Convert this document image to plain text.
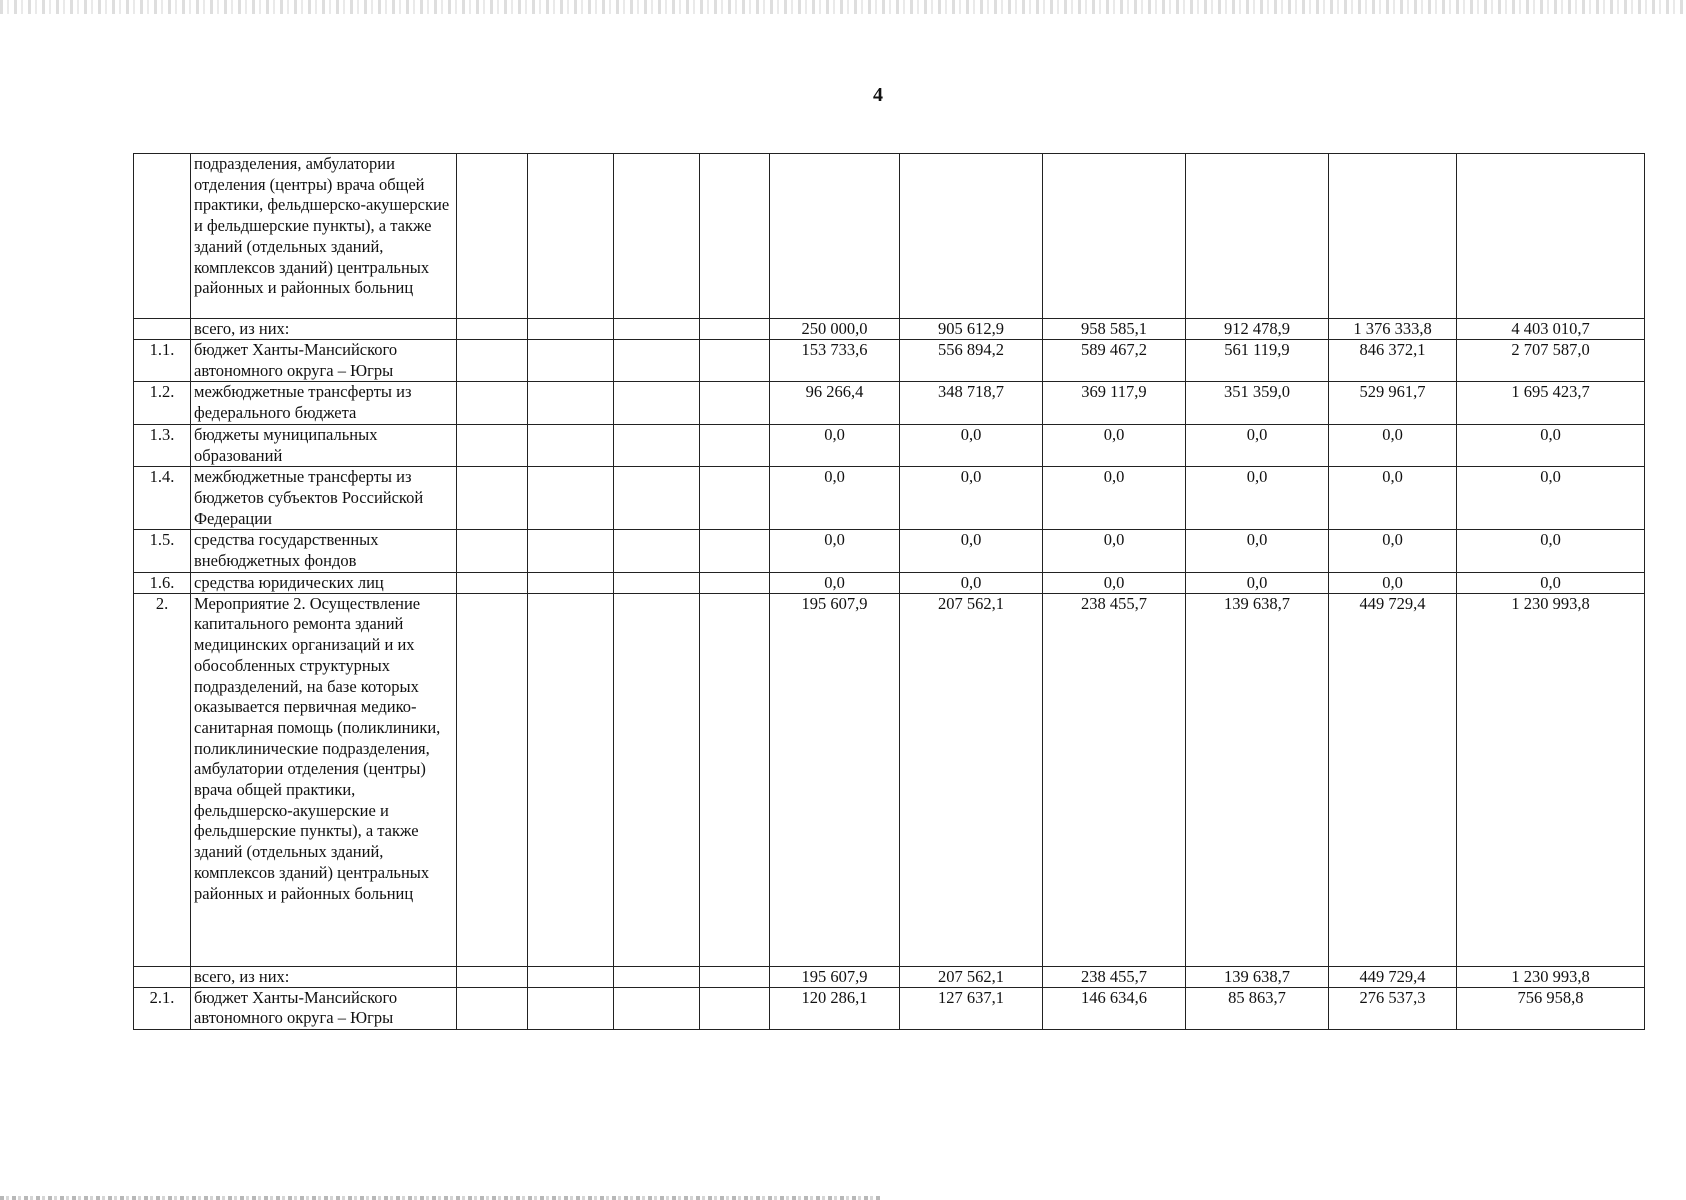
4
	подразделения, амбулатории отделения (центры) врача общей практики, фельдшерско-акушерские и фельдшерские пункты), а также зданий (отдельных зданий, комплексов зданий) центральных районных и районных больниц										
	всего, из них:					250 000,0	905 612,9	958 585,1	912 478,9	1 376 333,8	4 403 010,7
1.1.	бюджет Ханты-Мансийского автономного округа – Югры					153 733,6	556 894,2	589 467,2	561 119,9	846 372,1	2 707 587,0
1.2.	межбюджетные трансферты из федерального бюджета					96 266,4	348 718,7	369 117,9	351 359,0	529 961,7	1 695 423,7
1.3.	бюджеты муниципальных образований					0,0	0,0	0,0	0,0	0,0	0,0
1.4.	межбюджетные трансферты из бюджетов субъектов Российской Федерации					0,0	0,0	0,0	0,0	0,0	0,0
1.5.	средства государственных внебюджетных фондов					0,0	0,0	0,0	0,0	0,0	0,0
1.6.	средства юридических лиц					0,0	0,0	0,0	0,0	0,0	0,0
2.	Мероприятие 2. Осуществление капитального ремонта зданий медицинских организаций и их обособленных структурных подразделений, на базе которых оказывается первичная медико-санитарная помощь (поликлиники, поликлинические подразделения, амбулатории отделения (центры) врача общей практики, фельдшерско-акушерские и фельдшерские пункты), а также зданий (отдельных зданий, комплексов зданий) центральных районных и районных больниц					195 607,9	207 562,1	238 455,7	139 638,7	449 729,4	1 230 993,8
	всего, из них:					195 607,9	207 562,1	238 455,7	139 638,7	449 729,4	1 230 993,8
2.1.	бюджет Ханты-Мансийского автономного округа – Югры					120 286,1	127 637,1	146 634,6	85 863,7	276 537,3	756 958,8
